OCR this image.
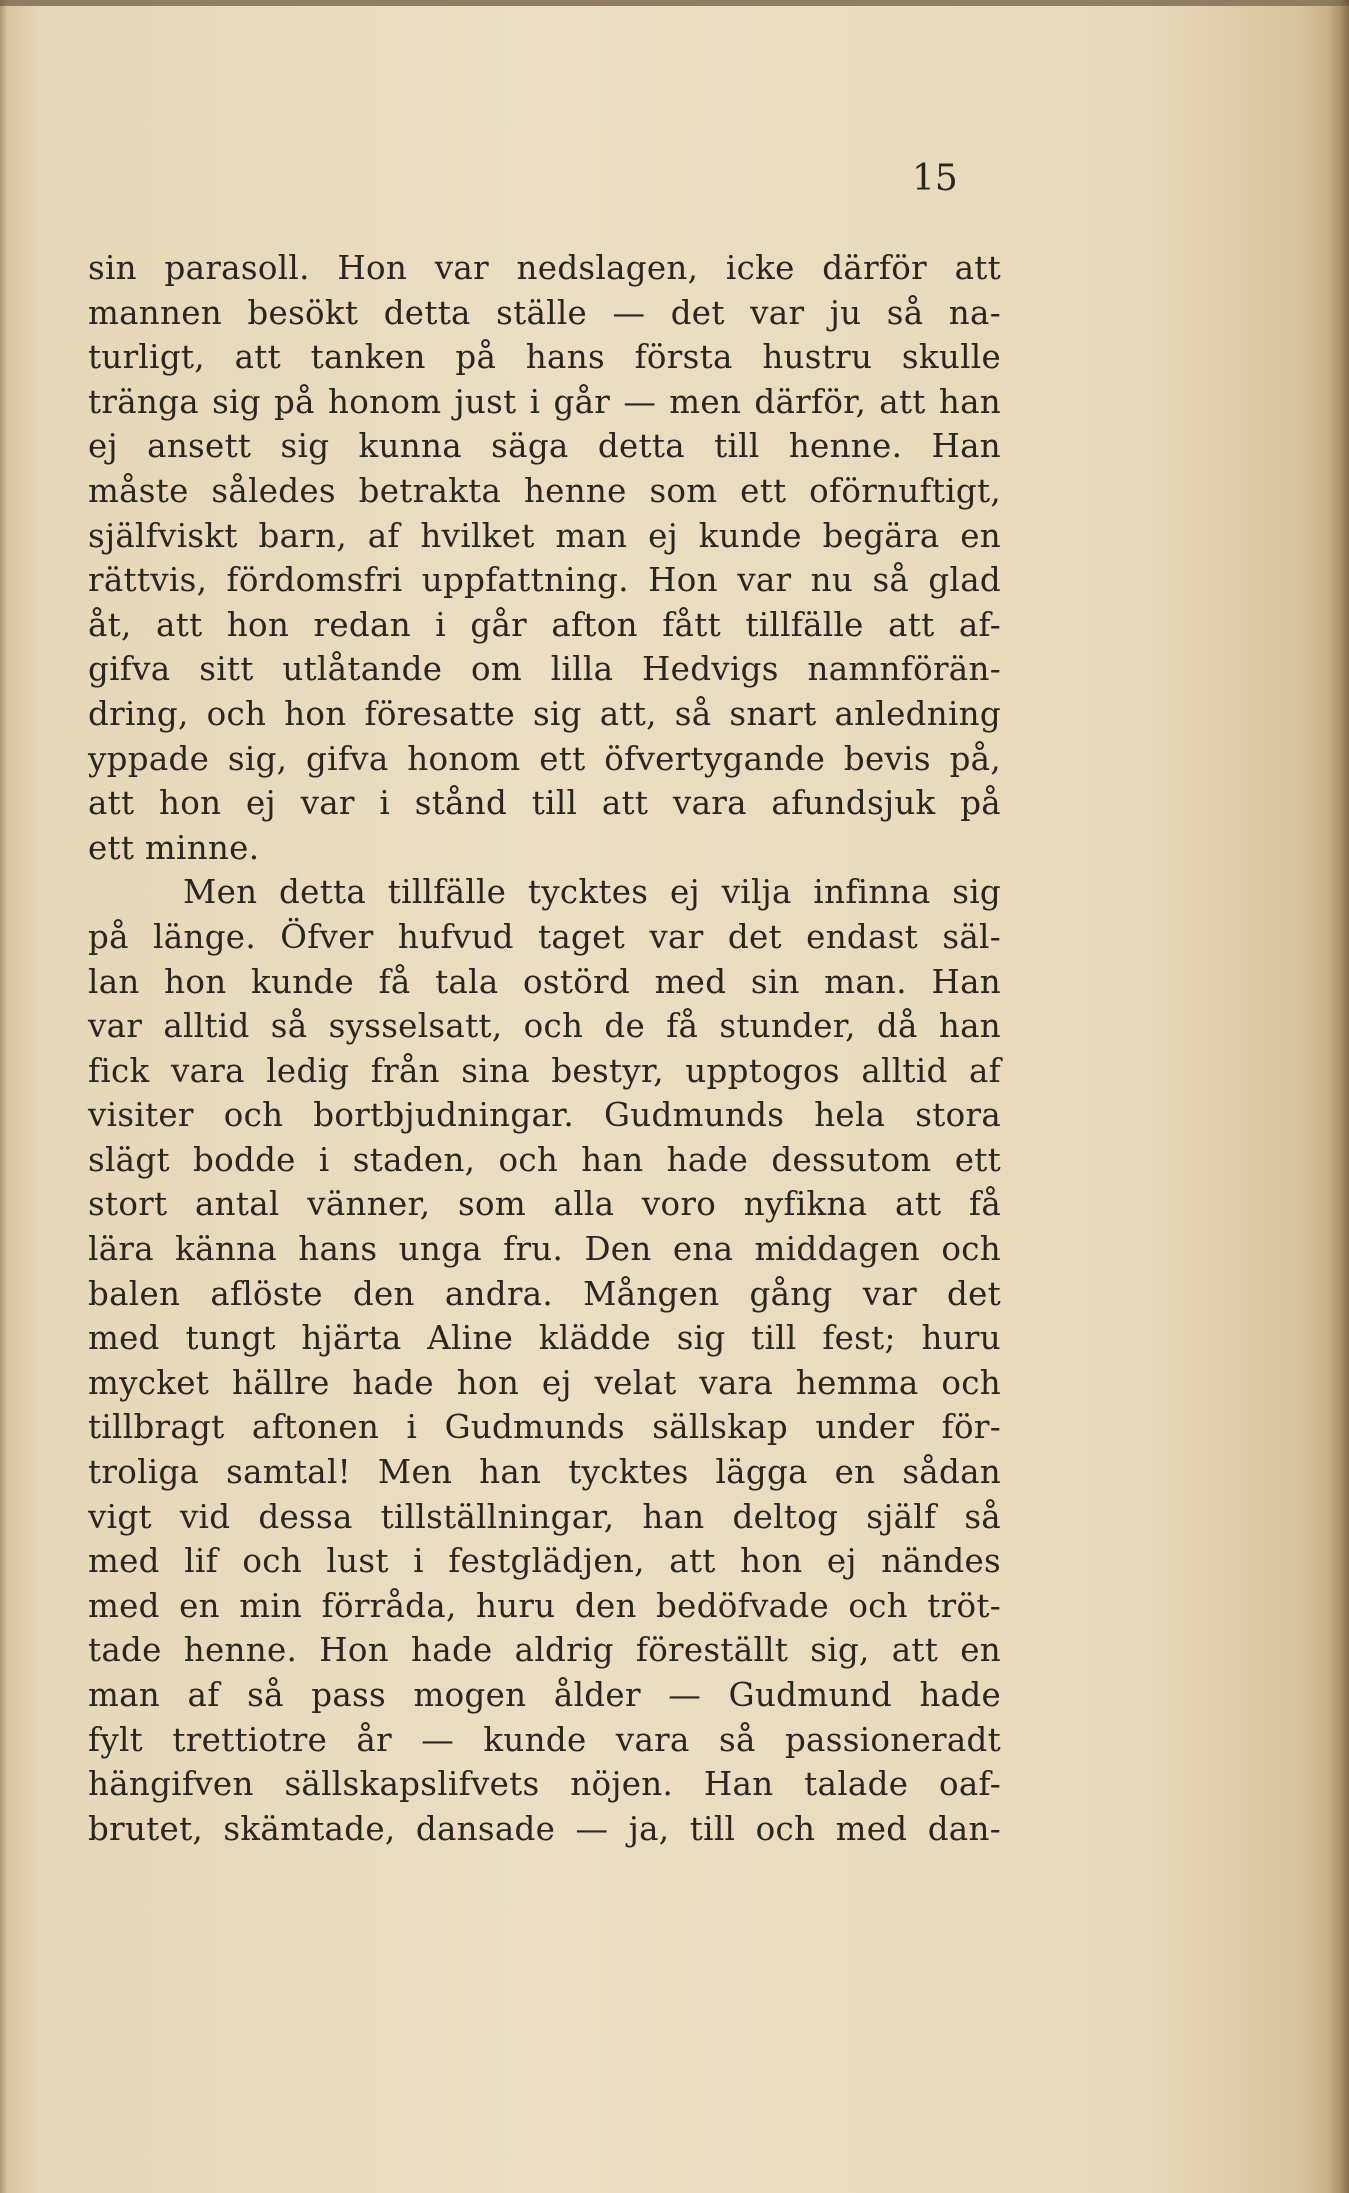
15
sin parasoll. Hon var nedslagen, icke därför att
mannen besökt detta ställe — det var ju så na-
turligt, att tanken på hans första hustru skulle
tränga sig på honom just i går — men därför, att han
ej ansett sig kunna säga detta till henne. Han
måste således betrakta henne som ett oförnuftigt,
själfviskt barn, af hvilket man ej kunde begära en
rättvis, fördomsfri uppfattning. Hon var nu så glad
åt, att hon redan i går afton fått tillfälle att af-
gifva sitt utlåtande om lilla Hedvigs namnförän-
dring, och hon föresatte sig att, så snart anledning
yppade sig, gifva honom ett öfvertygande bevis på,
att hon ej var i stånd till att vara afundsjuk på
ett minne.
Men detta tillfälle tycktes ej vilja infinna sig
på länge. Öfver hufvud taget var det endast säl-
lan hon kunde få tala ostörd med sin man. Han
var alltid så sysselsatt, och de få stunder, då han
fick vara ledig från sina bestyr, upptogos alltid af
visiter och bortbjudningar. Gudmunds hela stora
slägt bodde i staden, och han hade dessutom ett
stort antal vänner, som alla voro nyfikna att få
lära känna hans unga fru. Den ena middagen och
balen aflöste den andra. Mången gång var det
med tungt hjärta Aline klädde sig till fest; huru
mycket hällre hade hon ej velat vara hemma och
tillbragt aftonen i Gudmunds sällskap under för-
troliga samtal! Men han tycktes lägga en sådan
vigt vid dessa tillställningar, han deltog själf så
med lif och lust i festglädjen, att hon ej nändes
med en min förråda, huru den bedöfvade och tröt-
tade henne. Hon hade aldrig föreställt sig, att en
man af så pass mogen ålder — Gudmund hade
fylt trettiotre år — kunde vara så passioneradt
hängifven sällskapslifvets nöjen. Han talade oaf-
brutet, skämtade, dansade — ja, till och med dan-
